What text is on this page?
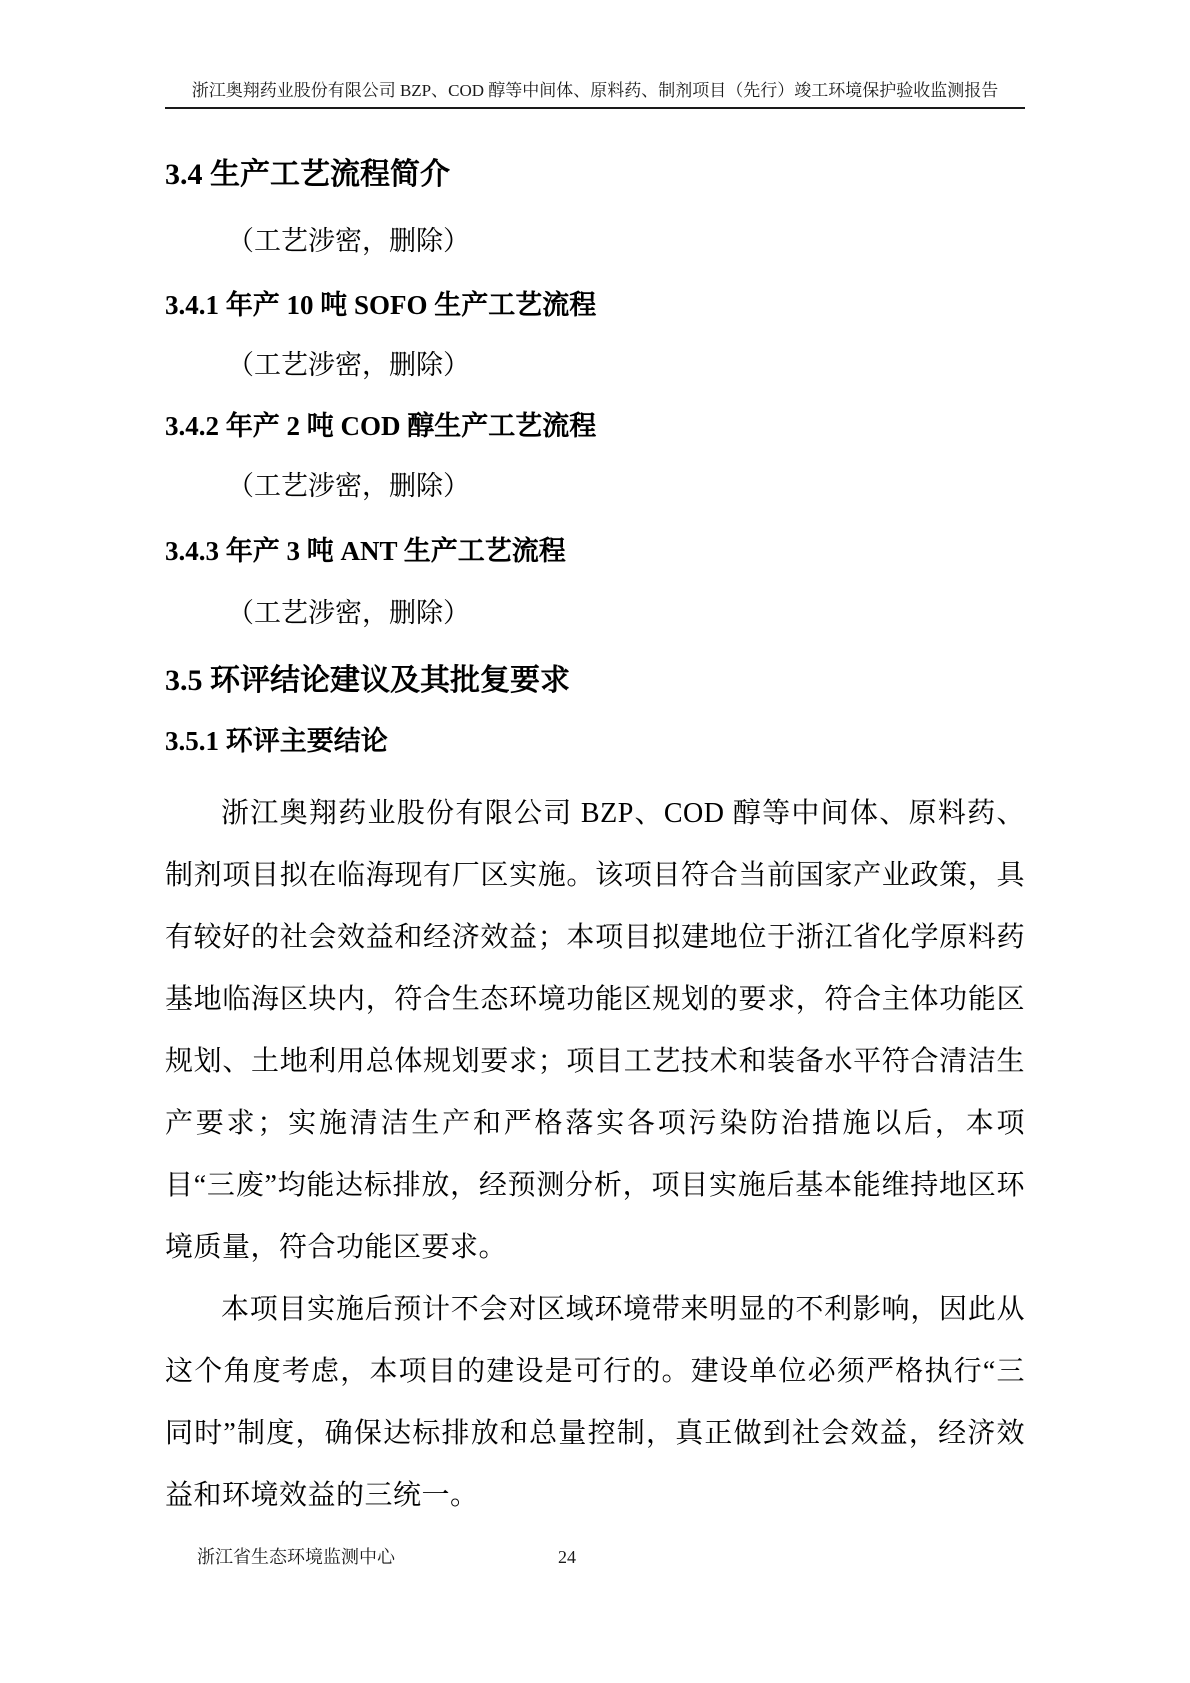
浙江奥翔药业股份有限公司 BZP、COD 醇等中间体、原料药、制剂项目（先行）竣工环境保护验收监测报告

3.4 生产工艺流程简介

（工艺涉密，删除）

3.4.1 年产 10 吨 SOFO 生产工艺流程

（工艺涉密，删除）

3.4.2 年产 2 吨 COD 醇生产工艺流程

（工艺涉密，删除）

3.4.3 年产 3 吨 ANT 生产工艺流程

（工艺涉密，删除）

3.5 环评结论建议及其批复要求

3.5.1 环评主要结论

浙江奥翔药业股份有限公司 BZP、COD 醇等中间体、原料药、制剂项目拟在临海现有厂区实施。该项目符合当前国家产业政策，具有较好的社会效益和经济效益；本项目拟建地位于浙江省化学原料药基地临海区块内，符合生态环境功能区规划的要求，符合主体功能区规划、土地利用总体规划要求；项目工艺技术和装备水平符合清洁生产要求；实施清洁生产和严格落实各项污染防治措施以后，本项目“三废”均能达标排放，经预测分析，项目实施后基本能维持地区环境质量，符合功能区要求。

本项目实施后预计不会对区域环境带来明显的不利影响，因此从这个角度考虑，本项目的建设是可行的。建设单位必须严格执行“三同时”制度，确保达标排放和总量控制，真正做到社会效益，经济效益和环境效益的三统一。

浙江省生态环境监测中心	24
